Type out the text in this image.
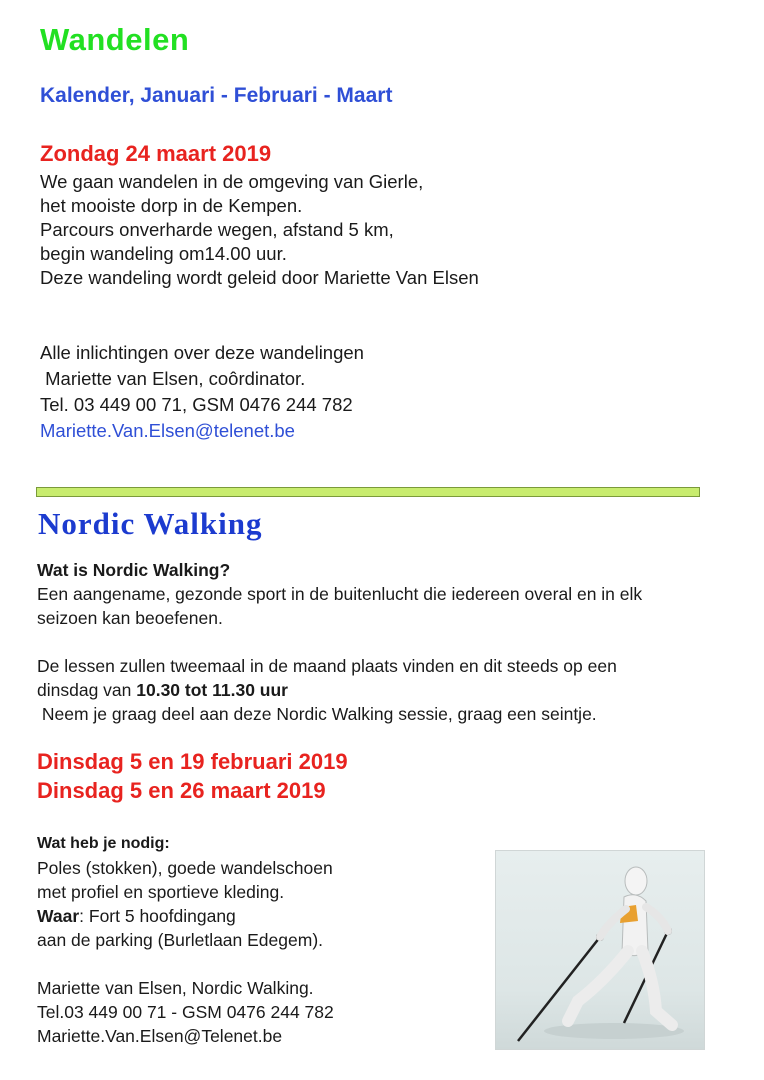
Wandelen
Kalender, Januari - Februari - Maart
Zondag 24 maart 2019
We gaan wandelen in de omgeving van Gierle,
het mooiste dorp in de Kempen.
Parcours onverharde wegen, afstand 5 km,
begin wandeling om14.00 uur.
Deze wandeling wordt geleid door Mariette Van Elsen
Alle inlichtingen over deze wandelingen
Mariette van Elsen, coôrdinator.
Tel. 03 449 00 71, GSM 0476 244 782
Mariette.Van.Elsen@telenet.be
Nordic Walking
Wat is Nordic Walking?
Een aangename, gezonde sport in de buitenlucht die iedereen overal en in elk
seizoen kan beoefenen.
De lessen zullen tweemaal in de maand plaats vinden en dit steeds op een
dinsdag van 10.30 tot 11.30 uur
Neem je graag deel aan deze Nordic Walking sessie, graag een seintje.
Dinsdag 5 en 19 februari 2019
Dinsdag 5 en 26 maart 2019
Wat heb je nodig:
Poles (stokken), goede wandelschoen
met profiel en sportieve kleding.
Waar: Fort 5 hoofdingang
aan de parking (Burletlaan Edegem).
Mariette van Elsen, Nordic Walking.
Tel.03 449 00 71 - GSM 0476 244 782
Mariette.Van.Elsen@Telenet.be
